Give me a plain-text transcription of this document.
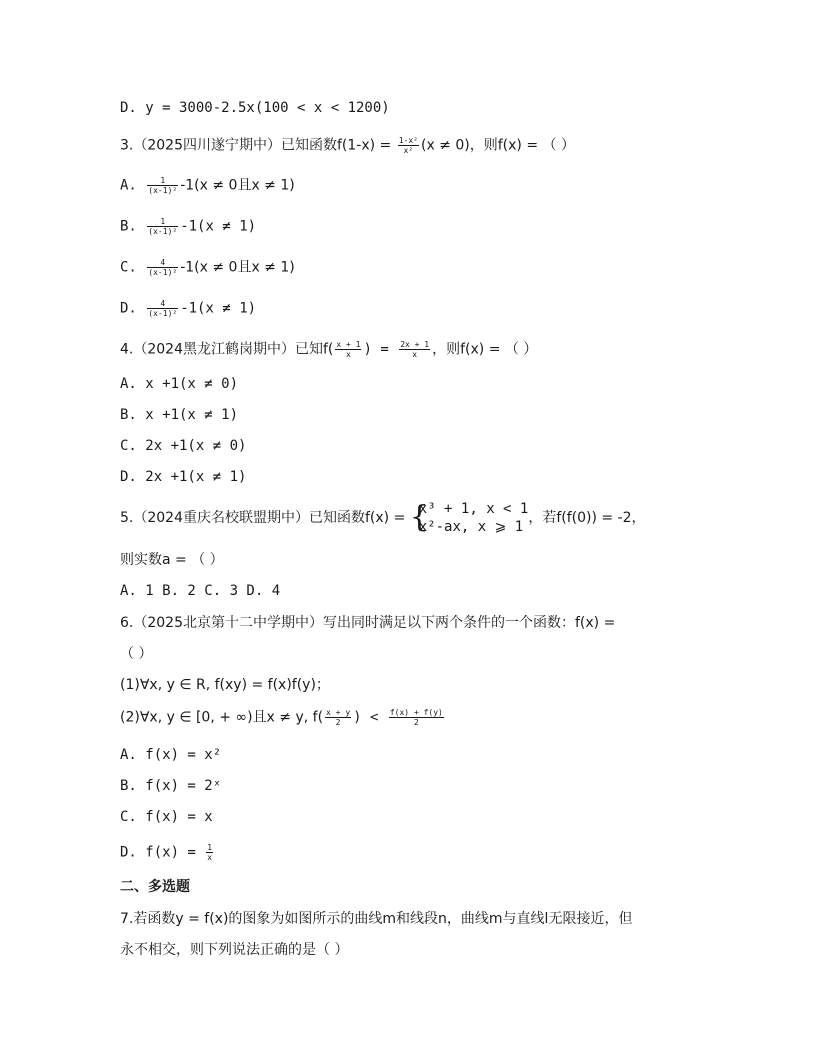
D. y = 3000-2.5x(100 < x < 1200)
3.（2025四川遂宁期中）已知函数$f(1-x) = \frac{\text{1-x²}}{\text{x²}} (x \ne 0)$，则f(x) = （ ）
A. $\frac{1}{\text{(x-1)²}} -1(x \ne 0$且x ≠ 1)
B. $\frac{1}{\text{(x-1)²}} -1(x \ne 1)$
C. $\frac{4}{\text{(x-1)²}} -1(x \ne 0$且x ≠ 1)
D. $\frac{4}{\text{(x-1)²}} -1(x \ne 1)$
4.（2024黑龙江鹤岗期中）已知$f( \frac{x + 1}{x}$ ) = $\frac{2x + 1}{x}$ ，则f(x) = （ ）
A. x +1(x ≠ 0)
B. x +1(x ≠ 1)
C. 2x +1(x ≠ 0)
D. 2x +1(x ≠ 1)
5.（2024重庆名校联盟期中）已知函数f(x) = {
x³ + 1, x < 1
x²-ax, x ⩾ 1
，若f(f(0)) = -2，
则实数a = （ ）
A. 1 B. 2 C. 3 D. 4
6.（2025北京第十二中学期中）写出同时满足以下两个条件的一个函数：f(x) =
（ ）
(1)∀x, y ∈ R, f(xy) = f(x)f(y)；
(2)∀x, y ∈ [0, + ∞)且x ≠ y, $f( \frac{x + y}{2}$ ) < $\frac{f(x) + f(y)}{2}$
A. f(x) = x²
B. f(x) = 2ˣ
C. f(x) = x
D. $f(x) = \frac{1}{x}$
二、多选题
7.若函数y = f(x)的图象为如图所示的曲线m和线段n，曲线m与直线l无限接近，但
永不相交，则下列说法正确的是（ ）
